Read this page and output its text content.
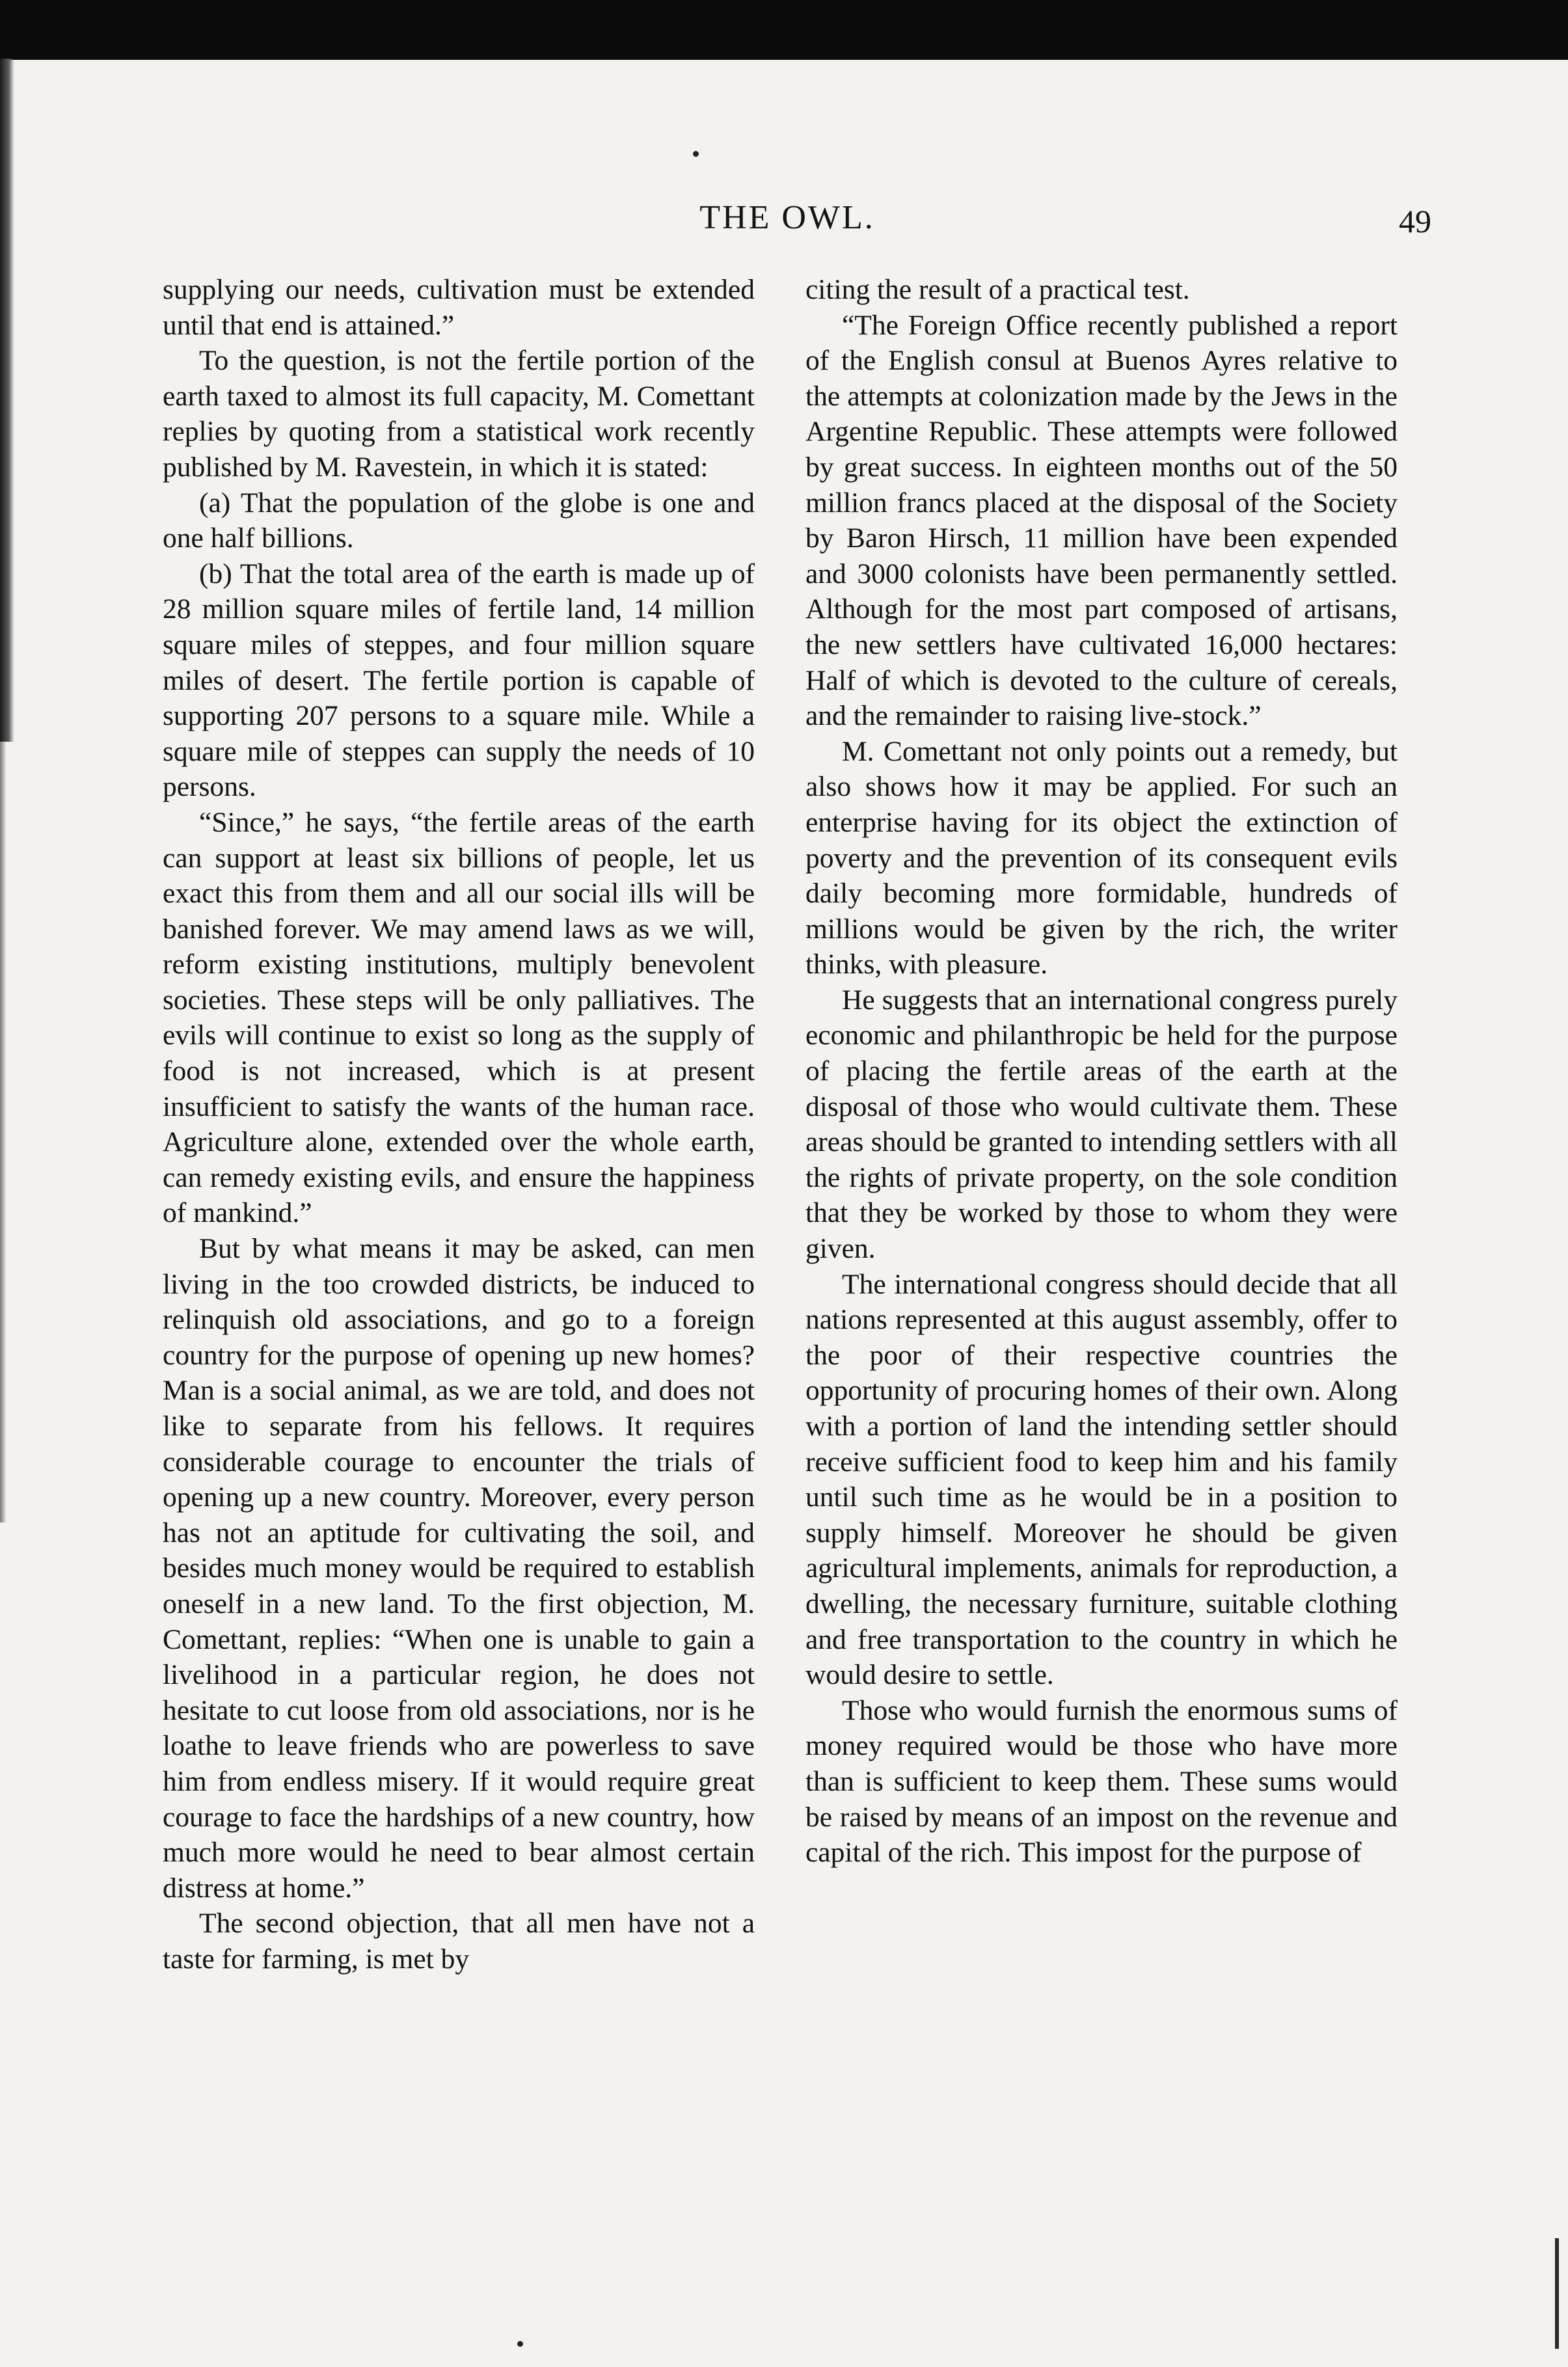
THE OWL.	49

supplying our needs, cultivation must be extended until that end is attained.”

To the question, is not the fertile portion of the earth taxed to almost its full capacity, M. Comettant replies by quoting from a statistical work recently published by M. Ravestein, in which it is stated:

(a) That the population of the globe is one and one half billions.

(b) That the total area of the earth is made up of 28 million square miles of fertile land, 14 million square miles of steppes, and four million square miles of desert. The fertile portion is capable of supporting 207 persons to a square mile. While a square mile of steppes can supply the needs of 10 persons.

“Since,” he says, “the fertile areas of the earth can support at least six billions of people, let us exact this from them and all our social ills will be banished forever. We may amend laws as we will, reform existing institutions, multiply benevolent societies. These steps will be only palliatives. The evils will continue to exist so long as the supply of food is not increased, which is at present insufficient to satisfy the wants of the human race. Agriculture alone, extended over the whole earth, can remedy existing evils, and ensure the happiness of mankind.”

But by what means it may be asked, can men living in the too crowded districts, be induced to relinquish old associations, and go to a foreign country for the purpose of opening up new homes? Man is a social animal, as we are told, and does not like to separate from his fellows. It requires considerable courage to encounter the trials of opening up a new country. Moreover, every person has not an aptitude for cultivating the soil, and besides much money would be required to establish oneself in a new land. To the first objection, M. Comettant, replies: “When one is unable to gain a livelihood in a particular region, he does not hesitate to cut loose from old associations, nor is he loathe to leave friends who are powerless to save him from endless misery. If it would require great courage to face the hardships of a new country, how much more would he need to bear almost certain distress at home.”

The second objection, that all men have not a taste for farming, is met by

citing the result of a practical test.

“The Foreign Office recently published a report of the English consul at Buenos Ayres relative to the attempts at colonization made by the Jews in the Argentine Republic. These attempts were followed by great success. In eighteen months out of the 50 million francs placed at the disposal of the Society by Baron Hirsch, 11 million have been expended and 3000 colonists have been permanently settled. Although for the most part composed of artisans, the new settlers have cultivated 16,000 hectares: Half of which is devoted to the culture of cereals, and the remainder to raising live-stock.”

M. Comettant not only points out a remedy, but also shows how it may be applied. For such an enterprise having for its object the extinction of poverty and the prevention of its consequent evils daily becoming more formidable, hundreds of millions would be given by the rich, the writer thinks, with pleasure.

He suggests that an international congress purely economic and philanthropic be held for the purpose of placing the fertile areas of the earth at the disposal of those who would cultivate them. These areas should be granted to intending settlers with all the rights of private property, on the sole condition that they be worked by those to whom they were given.

The international congress should decide that all nations represented at this august assembly, offer to the poor of their respective countries the opportunity of procuring homes of their own. Along with a portion of land the intending settler should receive sufficient food to keep him and his family until such time as he would be in a position to supply himself. Moreover he should be given agricultural implements, animals for reproduction, a dwelling, the necessary furniture, suitable clothing and free transportation to the country in which he would desire to settle.

Those who would furnish the enormous sums of money required would be those who have more than is sufficient to keep them. These sums would be raised by means of an impost on the revenue and capital of the rich. This impost for the purpose of
